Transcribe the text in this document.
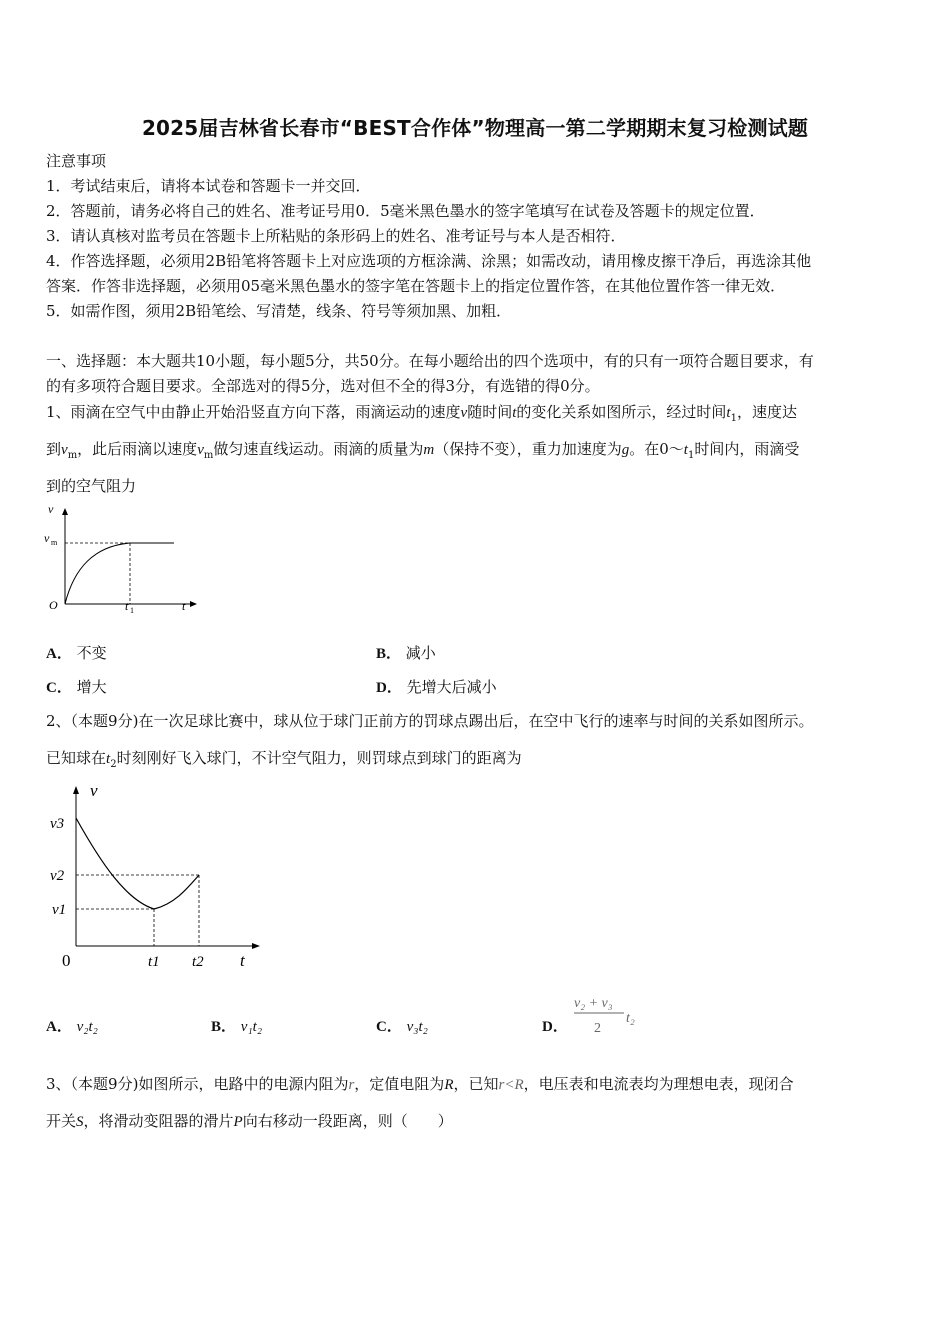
2025届吉林省长春市“BEST合作体”物理高一第二学期期末复习检测试题
注意事项
1．考试结束后，请将本试卷和答题卡一并交回．
2．答题前，请务必将自己的姓名、准考证号用0．5毫米黑色墨水的签字笔填写在试卷及答题卡的规定位置．
3．请认真核对监考员在答题卡上所粘贴的条形码上的姓名、准考证号与本人是否相符．
4．作答选择题，必须用2B铅笔将答题卡上对应选项的方框涂满、涂黑；如需改动，请用橡皮擦干净后，再选涂其他
答案．作答非选择题，必须用05毫米黑色墨水的签字笔在答题卡上的指定位置作答，在其他位置作答一律无效．
5．如需作图，须用2B铅笔绘、写清楚，线条、符号等须加黑、加粗．
一、选择题：本大题共10小题，每小题5分，共50分。在每小题给出的四个选项中，有的只有一项符合题目要求，有
的有多项符合题目要求。全部选对的得5分，选对但不全的得3分，有选错的得0分。
1、雨滴在空气中由静止开始沿竖直方向下落，雨滴运动的速度v随时间t的变化关系如图所示，经过时间$t_1$，速度达
到$v_m$，此后雨滴以速度$v_m$做匀速直线运动。雨滴的质量为m（保持不变），重力加速度为g。在$0\sim t_1$时间内，雨滴受
到的空气阻力
v
v m
O	t 1	t
A． 不变	B． 减小
C． 增大	D． 先增大后减小
2、（本题9分)在一次足球比赛中，球从位于球门正前方的罚球点踢出后，在空中飞行的速率与时间的关系如图所示。
已知球在$t_2$时刻刚好飞入球门，不计空气阻力，则罚球点到球门的距离为
v
v3
v2
v1
0	t1 t2 t
A． v₂t₂	B． v₁t₂	C． v₃t₂	D．
v₂ + v₃
2
t₂
3、（本题9分)如图所示，电路中的电源内阻为r，定值电阻为R，已知r<R，电压表和电流表均为理想电表，现闭合
开关S，将滑动变阻器的滑片P向右移动一段距离，则（　　）
